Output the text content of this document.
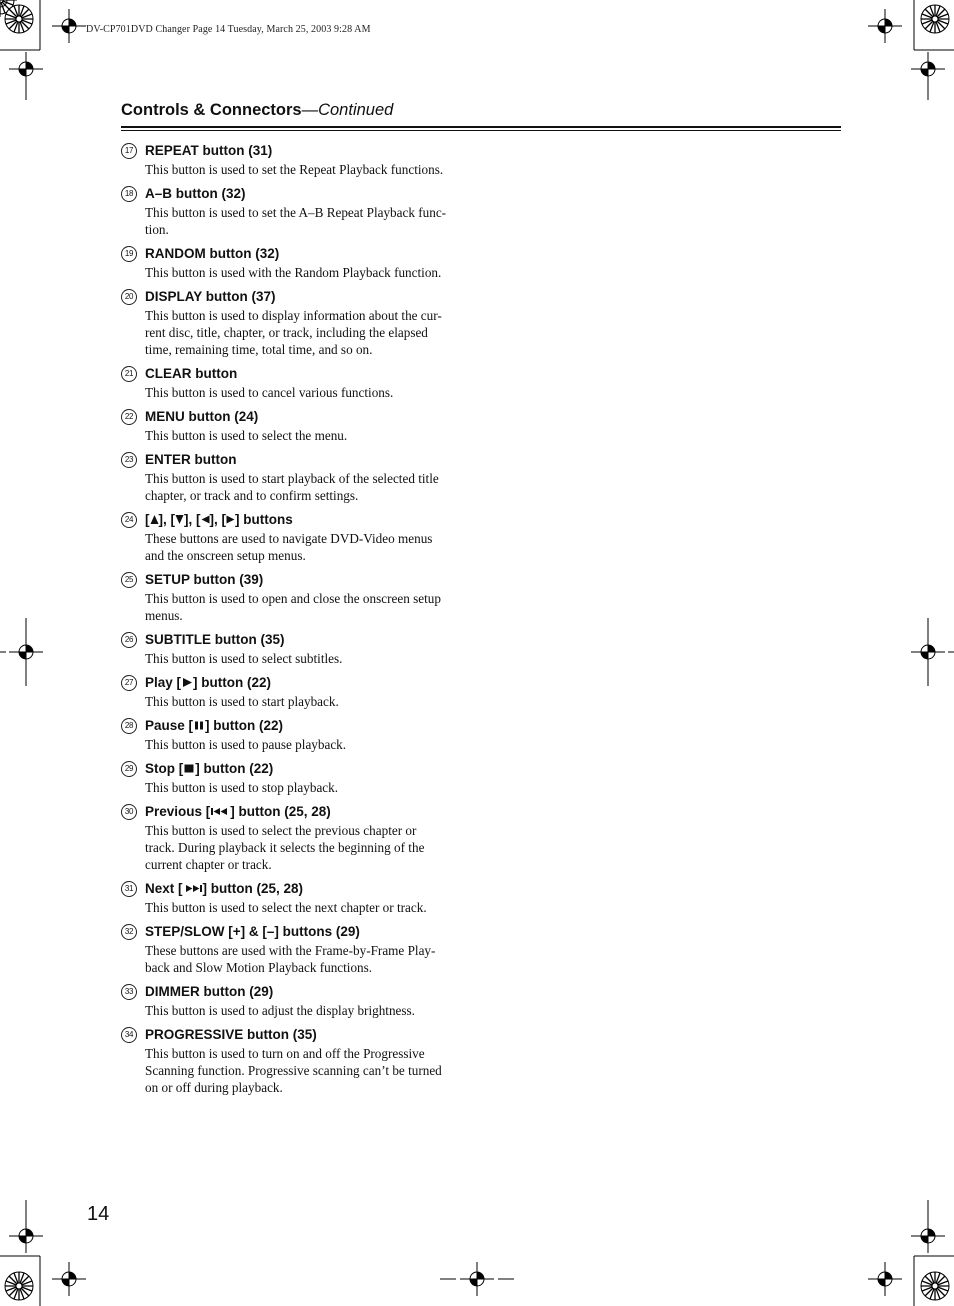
DV-CP701DVD Changer Page 14 Tuesday, March 25, 2003 9:28 AM
Controls & Connectors—Continued
17 REPEAT button (31)
This button is used to set the Repeat Playback functions.
18 A–B button (32)
This button is used to set the A–B Repeat Playback func-
tion.
19 RANDOM button (32)
This button is used with the Random Playback function.
20 DISPLAY button (37)
This button is used to display information about the cur-
rent disc, title, chapter, or track, including the elapsed
time, remaining time, total time, and so on.
21 CLEAR button
This button is used to cancel various functions.
22 MENU button (24)
This button is used to select the menu.
23 ENTER button
This button is used to start playback of the selected title
chapter, or track and to confirm settings.
24 [ ], [ ], [ ], [ ] buttons
These buttons are used to navigate DVD-Video menus
and the onscreen setup menus.
25 SETUP button (39)
This button is used to open and close the onscreen setup
menus.
26 SUBTITLE button (35)
This button is used to select subtitles.
27 Play [ ] button (22)
This button is used to start playback.
28 Pause [ ] button (22)
This button is used to pause playback.
29 Stop [ ] button (22)
This button is used to stop playback.
30 Previous [ ] button (25, 28)
This button is used to select the previous chapter or
track. During playback it selects the beginning of the
current chapter or track.
31 Next [ ] button (25, 28)
This button is used to select the next chapter or track.
32 STEP/SLOW [+] & [–] buttons (29)
These buttons are used with the Frame-by-Frame Play-
back and Slow Motion Playback functions.
33 DIMMER button (29)
This button is used to adjust the display brightness.
34 PROGRESSIVE button (35)
This button is used to turn on and off the Progressive
Scanning function. Progressive scanning can’t be turned
on or off during playback.
14
